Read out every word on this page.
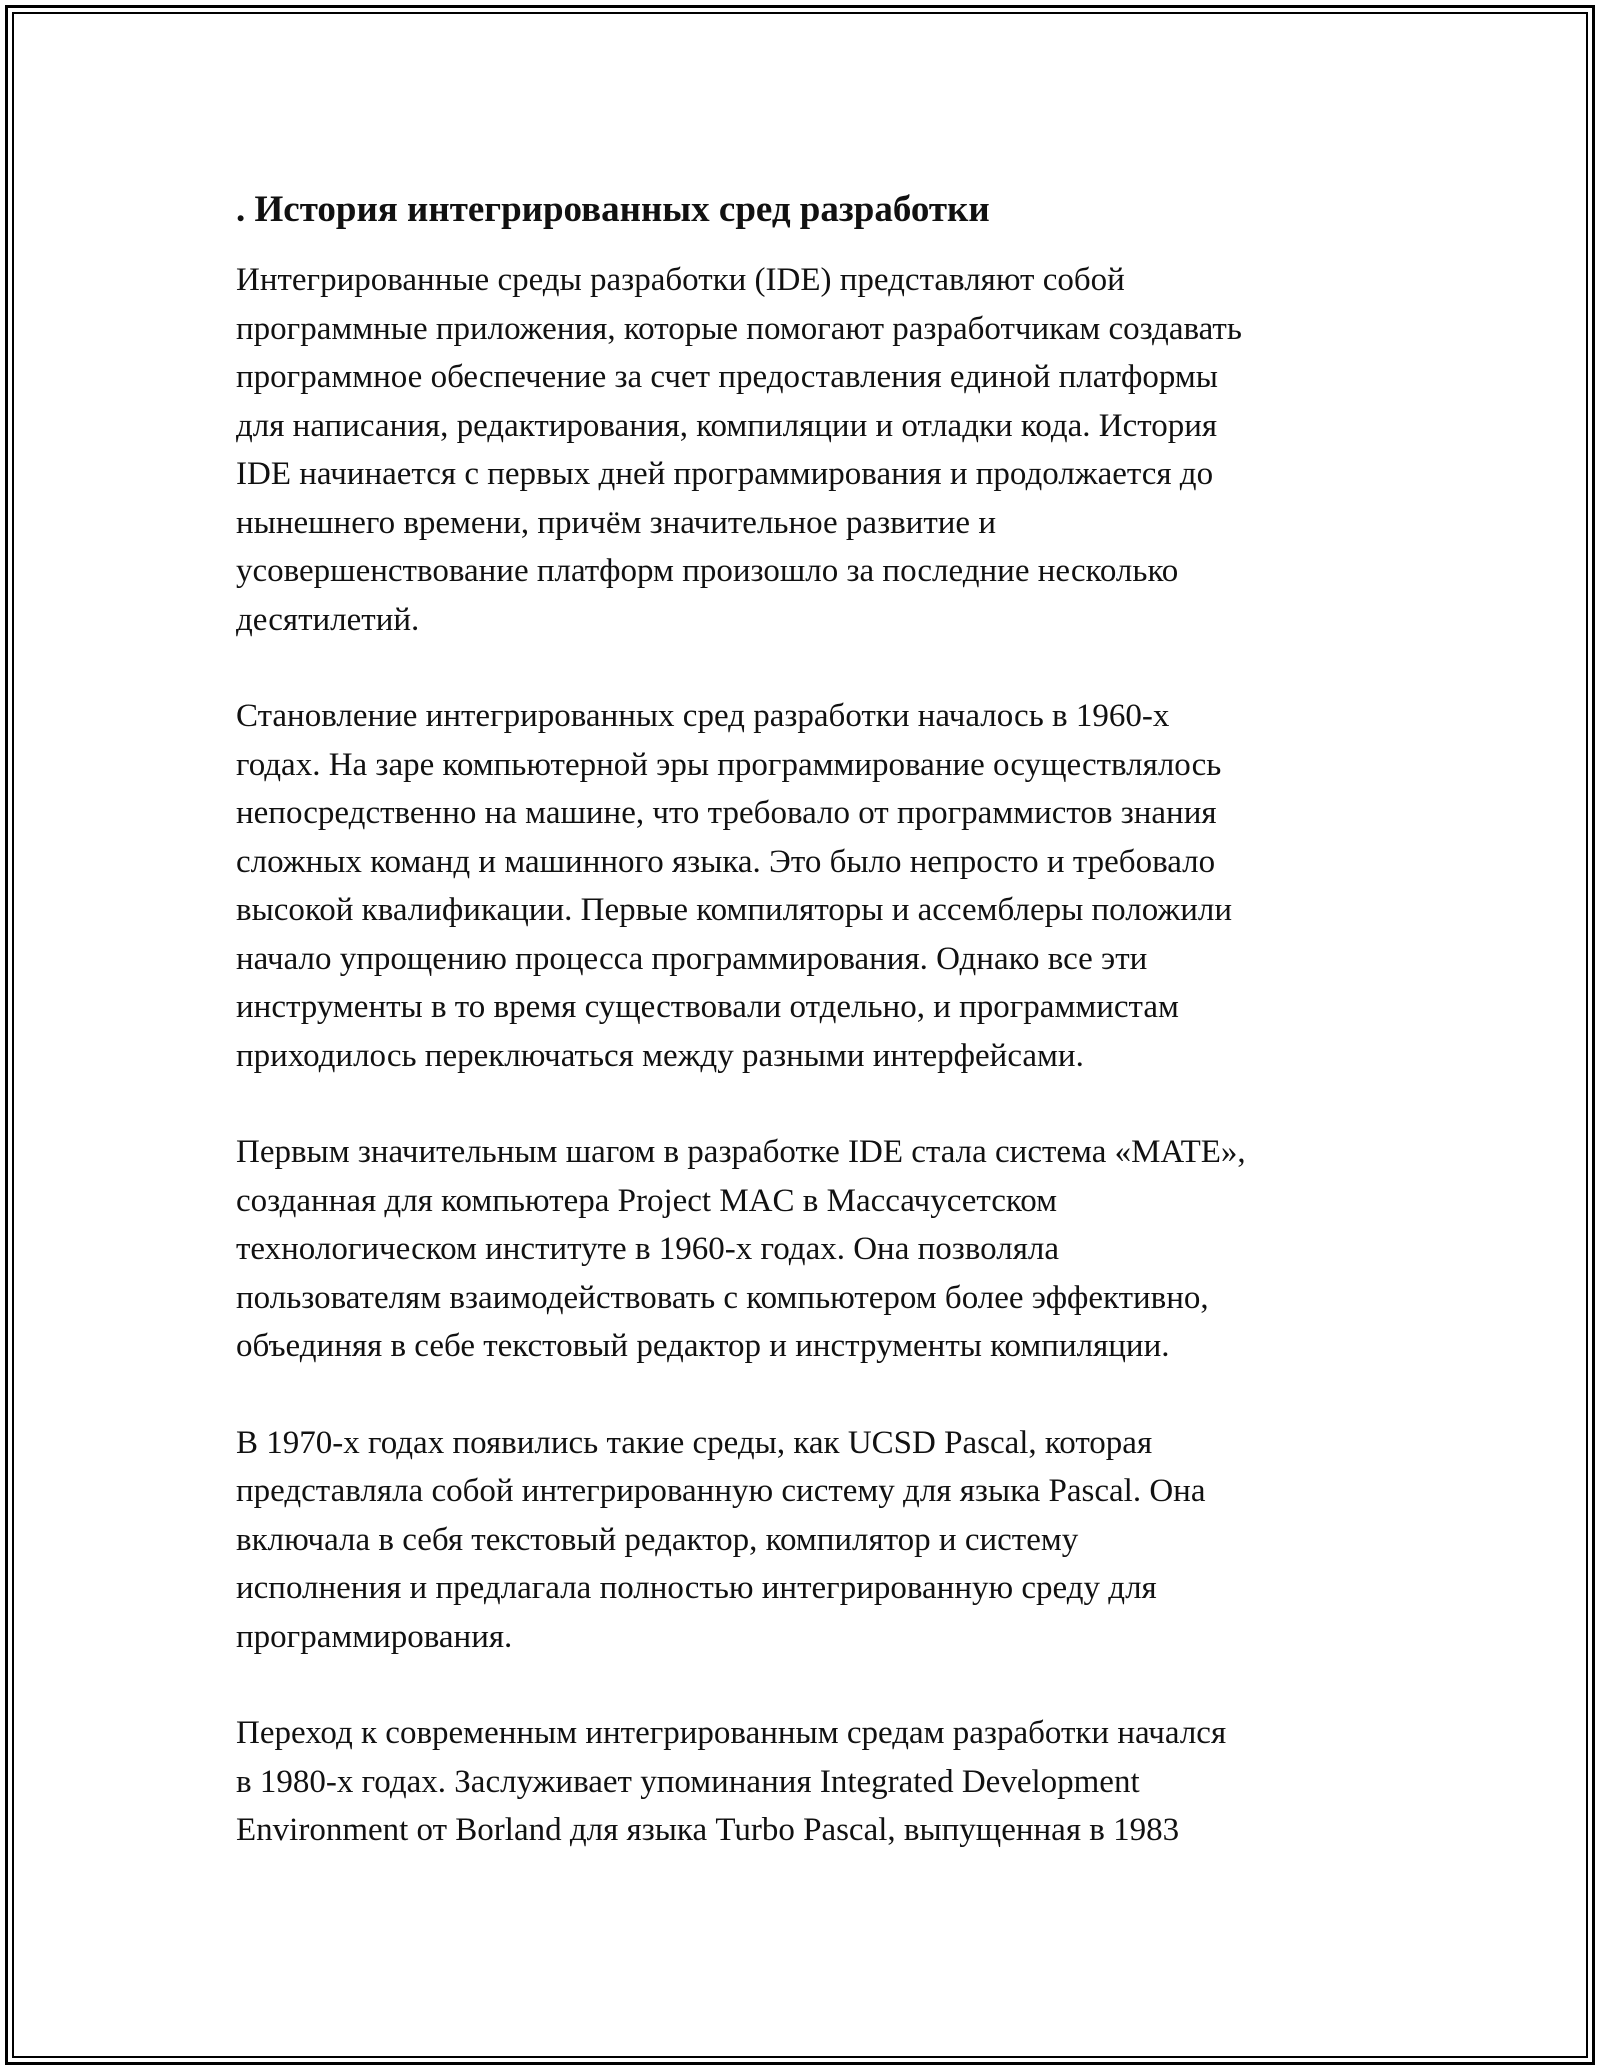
. История интегрированных сред разработки

Интегрированные среды разработки (IDE) представляют собой
программные приложения, которые помогают разработчикам создавать
программное обеспечение за счет предоставления единой платформы
для написания, редактирования, компиляции и отладки кода. История
IDE начинается с первых дней программирования и продолжается до
нынешнего времени, причём значительное развитие и
усовершенствование платформ произошло за последние несколько
десятилетий.

Становление интегрированных сред разработки началось в 1960-х
годах. На заре компьютерной эры программирование осуществлялось
непосредственно на машине, что требовало от программистов знания
сложных команд и машинного языка. Это было непросто и требовало
высокой квалификации. Первые компиляторы и ассемблеры положили
начало упрощению процесса программирования. Однако все эти
инструменты в то время существовали отдельно, и программистам
приходилось переключаться между разными интерфейсами.

Первым значительным шагом в разработке IDE стала система «MATE»,
созданная для компьютера Project MAC в Массачусетском
технологическом институте в 1960-х годах. Она позволяла
пользователям взаимодействовать с компьютером более эффективно,
объединяя в себе текстовый редактор и инструменты компиляции.

В 1970-х годах появились такие среды, как UCSD Pascal, которая
представляла собой интегрированную систему для языка Pascal. Она
включала в себя текстовый редактор, компилятор и систему
исполнения и предлагала полностью интегрированную среду для
программирования.

Переход к современным интегрированным средам разработки начался
в 1980-х годах. Заслуживает упоминания Integrated Development
Environment от Borland для языка Turbo Pascal, выпущенная в 1983
